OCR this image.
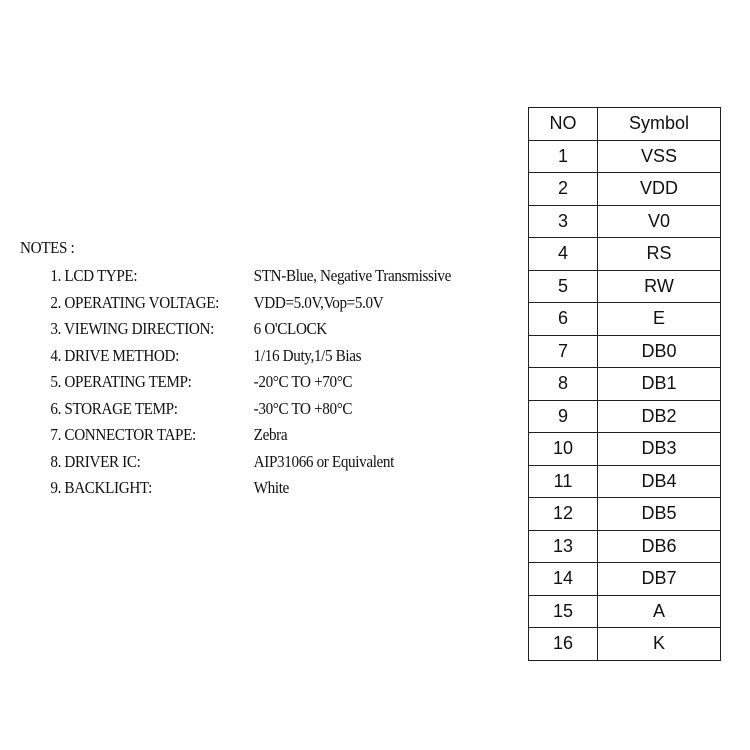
NOTES :
1. LCD TYPE:	STN-Blue, Negative Transmissive
2. OPERATING VOLTAGE:	VDD=5.0V,Vop=5.0V
3. VIEWING DIRECTION:	6 O'CLOCK
4. DRIVE METHOD:	1/16 Duty,1/5 Bias
5. OPERATING TEMP:	-20°C TO +70°C
6. STORAGE TEMP:	-30°C TO +80°C
7. CONNECTOR TAPE:	Zebra
8. DRIVER IC:	AIP31066 or Equivalent
9. BACKLIGHT:	White
NO	Symbol
1	VSS
2	VDD
3	V0
4	RS
5	RW
6	E
7	DB0
8	DB1
9	DB2
10	DB3
11	DB4
12	DB5
13	DB6
14	DB7
15	A
16	K
